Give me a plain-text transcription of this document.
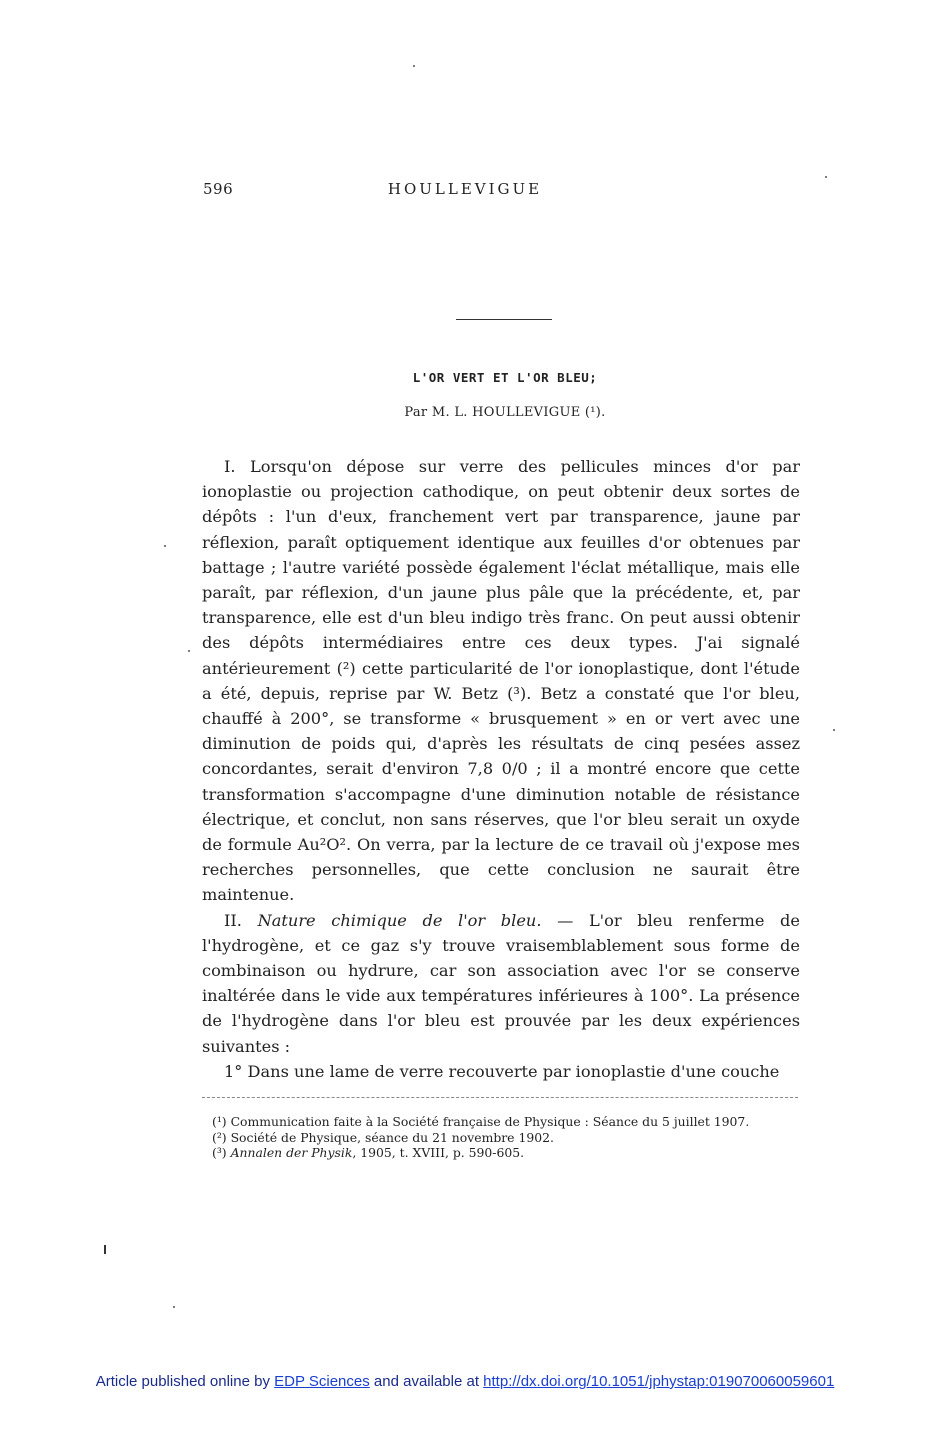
HOULLEVIGUE
596
L'OR VERT ET L'OR BLEU;
Par M. L. HOULLEVIGUE (¹).

I. Lorsqu'on dépose sur verre des pellicules minces d'or par ionoplastie ou projection cathodique, on peut obtenir deux sortes de dépôts : l'un d'eux, franchement vert par transparence, jaune par réflexion, paraît optiquement identique aux feuilles d'or obtenues par battage ; l'autre variété possède également l'éclat métallique, mais elle paraît, par réflexion, d'un jaune plus pâle que la précédente, et, par transparence, elle est d'un bleu indigo très franc. On peut aussi obtenir des dépôts intermédiaires entre ces deux types. J'ai signalé antérieurement (²) cette particularité de l'or ionoplastique, dont l'étude a été, depuis, reprise par W. Betz (³). Betz a constaté que l'or bleu, chauffé à 200°, se transforme « brusquement » en or vert avec une diminution de poids qui, d'après les résultats de cinq pesées assez concordantes, serait d'environ 7,8 0/0 ; il a montré encore que cette transformation s'accompagne d'une diminution notable de résistance électrique, et conclut, non sans réserves, que l'or bleu serait un oxyde de formule Au²O². On verra, par la lecture de ce travail où j'expose mes recherches personnelles, que cette conclusion ne saurait être maintenue.

II. Nature chimique de l'or bleu. — L'or bleu renferme de l'hydrogène, et ce gaz s'y trouve vraisemblablement sous forme de combinaison ou hydrure, car son association avec l'or se conserve inaltérée dans le vide aux températures inférieures à 100°. La présence de l'hydrogène dans l'or bleu est prouvée par les deux expériences suivantes :

1° Dans une lame de verre recouverte par ionoplastie d'une couche

(¹) Communication faite à la Société française de Physique : Séance du 5 juillet 1907.

(²) Société de Physique, séance du 21 novembre 1902.

(³) Annalen der Physik, 1905, t. XVIII, p. 590-605.

Article published online by EDP Sciences and available at http://dx.doi.org/10.1051/jphystap:019070060059601
